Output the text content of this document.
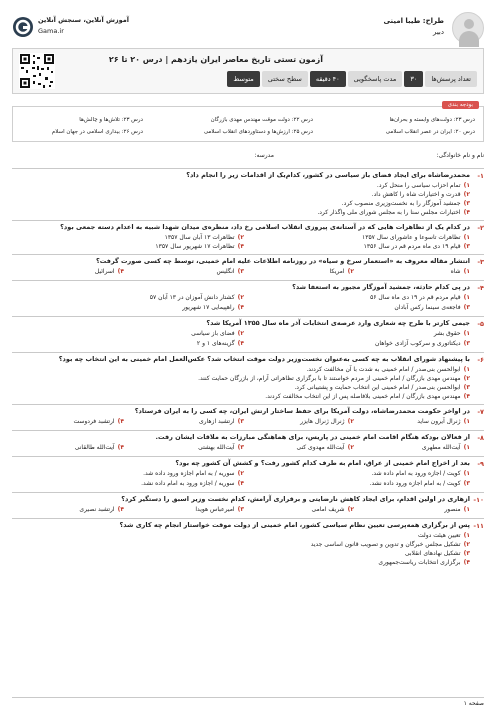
طراح: طیبا امینی
دبیر
آموزش آنلاین، سنجش آنلاین
Gama.ir
آزمون تستی تاریخ معاصر ایران یازدهم | درس ۲۰ تا ۲۶
تعداد پرسش‌ها
۳۰
مدت پاسخگویی
۴۰ دقیقه
سطح سختی
متوسط
بودجه بندی
درس ۲۳: دولت‌های وابسته و بحران‌ها
درس ۲۲: دولت موقت مهندس مهدی بازرگان
درس ۲۳: تلاش‌ها و چالش‌ها
درس ۲۰: ایران در عصر انقلاب اسلامی
درس ۲۵: ارزش‌ها و دستاوردهای انقلاب اسلامی
درس ۲۶: بیداری اسلامی در جهان اسلام
نام و نام خانوادگی:
مدرسه:
۱-
محمدرضاشاه برای ایجاد فضای باز سیاسی در کشور، کدام‌یک از اقدامات زیر را انجام داد؟
۱)تمام احزاب سیاسی را منحل کرد.
۲)قدرت و اختیارات شاه را کاهش داد.
۳)جمشید آموزگار را به نخست‌وزیری منصوب کرد.
۴)اختیارات مجلس سنا را به مجلس شورای ملی واگذار کرد.
۲-
در کدام یک از تظاهرات هایی که در آستانه‌ی پیروزی انقلاب اسلامی رخ داد، منظره‌ی میدان شهدا شبیه به اعدام دسته جمعی بود؟
۱)تظاهرات تاسوعا و عاشورای سال ۱۳۵۷
۲)تظاهرات ۱۳ آبان سال ۱۳۵۷
۳)قیام ۱۹ دی ماه مردم قم در سال ۱۳۵۶
۴)تظاهرات ۱۷ شهریور سال ۱۳۵۷
۳-
انتشار مقاله معروف به «استعمار سرخ و سیاه» در روزنامه اطلاعات علیه امام خمینی، توسط چه کسی صورت گرفت؟
۱)شاه
۲)امریکا
۳)انگلیس
۴)اسرائیل
۴-
در پی کدام حادثه، جمشید آموزگار مجبور به استعفا شد؟
۱)قیام مردم قم در ۱۹ دی ماه سال ۵۶
۲)کشتار دانش آموزان در ۱۳ آبان ۵۷
۳)فاجعه‌ی سینما رکس آبادان
۴)راهپیمایی ۱۷ شهریور
۵-
جیمی کارتر با طرح چه شعاری وارد عرصه‌ی انتخابات آذر ماه سال ۱۳۵۵ آمریکا شد؟
۱)حقوق بشر
۲)فضای باز سیاسی
۳)دیکتاتوری و سرکوب آزادی خواهان
۴)گزینه‌های ۱ و ۲
۶-
با پیشنهاد شورای انقلاب به چه کسی به‌عنوان نخست‌وزیر دولت موقت انتخاب شد؟ عکس‌العمل امام خمینی به این انتخاب چه بود؟
۱)ابوالحسن بنی‌صدر / امام خمینی به شدت با آن مخالفت کردند.
۲)مهندس مهدی بازرگان / امام خمینی از مردم خواستند تا با برگزاری تظاهراتی آرام، از بازرگان حمایت کنند.
۳)ابوالحسن بنی‌صدر / امام خمینی این انتخاب حمایت و پشتیبانی کرد.
۴)مهندس مهدی بازرگان / امام خمینی بلافاصله پس از این انتخاب مخالفت کردند.
۷-
در اواخر حکومت محمدرضاشاه، دولت آمریکا برای حفظ ساختار ارتش ایران، چه کسی را به ایران فرستاد؟
۱)ژنرال آیرون ساید
۲)ژنرال ژنرال هایزر
۳)ارتشبد ازهاری
۴)ارتشبد فردوست
۸-
از فعالان بودکه هنگام اقامت امام خمینی در پاریس، برای هماهنگی مبارزات به ملاقات ایشان رفت.
۱)آیت‌الله مطهری
۲)آیت‌الله مهدوی کنی
۳)آیت‌الله بهشتی
۴)آیت‌الله طالقانی
۹-
بعد از اخراج امام خمینی از عراق، امام به طرف کدام کشور رفت؟ و کشش آن کشور چه بود؟
۱)کویت / اجازه ورود به امام داده شد.
۲)سوریه / به امام اجازه ورود داده شد.
۳)کویت / به امام اجازه ورود داده نشد.
۴)سوریه / اجازه ورود به امام داده نشد.
۱۰-
ازهاری در اولین اقدام، برای ایجاد کاهش نارضایتی و برقراری آرامش، کدام نخست وزیر اسبق را دستگیر کرد؟
۱)منصور
۲)شریف امامی
۳)امیرعباس هویدا
۴)ارتشبد نصیری
۱۱-
پس از برگزاری همه‌پرسی تعیین نظام سیاسی کشور، امام خمینی از دولت موقت خواستار انجام چه کاری شد؟
۱)تعیین هیئت دولت
۲)تشکیل مجلس خبرگان و تدوین و تصویب قانون اساسی جدید
۳)تشکیل نهادهای انقلابی
۴)برگزاری انتخابات ریاست‌جمهوری
صفحه ۱
